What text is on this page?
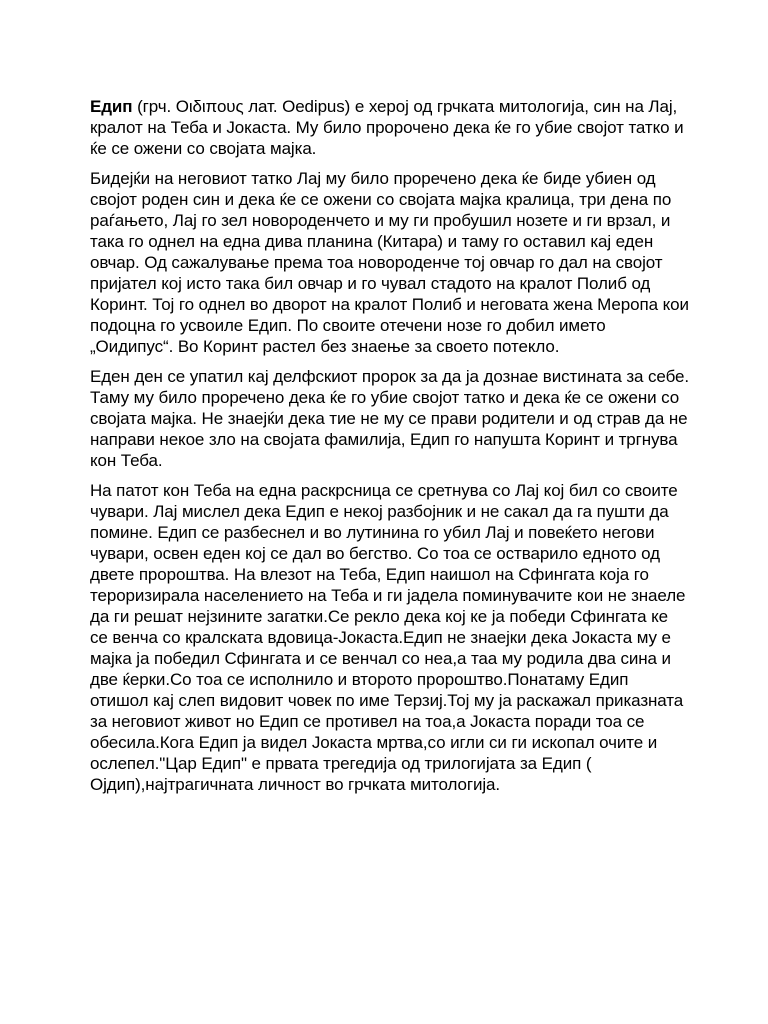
Едип (грч. Οιδιπους лат. Oedipus) е херој од грчката митологија, син на Лај, кралот на Теба и Јокаста. Му било пророчено дека ќе го убие својот татко и ќе се ожени со својата мајка.

Бидејќи на неговиот татко Лај му било проречено дека ќе биде убиен од својот роден син и дека ќе се ожени со својата мајка кралица, три дена по раѓањето, Лај го зел новороденчето и му ги пробушил нозете и ги врзал, и така го однел на една дива планина (Китара) и таму го оставил кај еден овчар. Од сажалување према тоа новороденче тој овчар го дал на својот пријател кој исто така бил овчар и го чувал стадото на кралот Полиб од Коринт. Тој го однел во дворот на кралот Полиб и неговата жена Меропа кои подоцна го усвоиле Едип. По своите отечени нозе го добил името „Оидипус“. Во Коринт растел без знаење за своето потекло.

Еден ден се упатил кај делфскиот пророк за да ја дознае вистината за себе. Таму му било проречено дека ќе го убие својот татко и дека ќе се ожени со својата мајка. Не знаејќи дека тие не му се прави родители и од страв да не направи некое зло на својата фамилија, Едип го напушта Коринт и тргнува кон Теба.

На патот кон Теба на една раскрсница се сретнува со Лај кој бил со своите чувари. Лај мислел дека Едип е некој разбојник и не сакал да га пушти да помине. Едип се разбеснел и во лутинина го убил Лај и повеќето негови чувари, освен еден кој се дал во бегство. Со тоа се остварило едното од двете пророштва. На влезот на Теба, Едип наишол на Сфингата која го тероризирала населението на Теба и ги јадела поминувачите кои не знаеле да ги решат нејзините загатки.Се рекло дека кој ке ја победи Сфингата ке се венча со кралската вдовица-Јокаста.Едип не знаејки дека Јокаста му е мајка ја победил Сфингата и се венчал со неа,а таа му родила два сина и две ќерки.Со тоа се исполнило и второто пророштво.Понатаму Едип отишол кај слеп видовит човек по име Терзиј.Тој му ја раскажал приказната за неговиот живот но Едип се противел на тоа,а Јокаста поради тоа се обесила.Кога Едип ја видел Јокаста мртва,со игли си ги ископал очите и ослепел."Цар Едип" е првата трегедија од трилогијата за Едип ( Ојдип),најтрагичната личност во грчката митологија.
